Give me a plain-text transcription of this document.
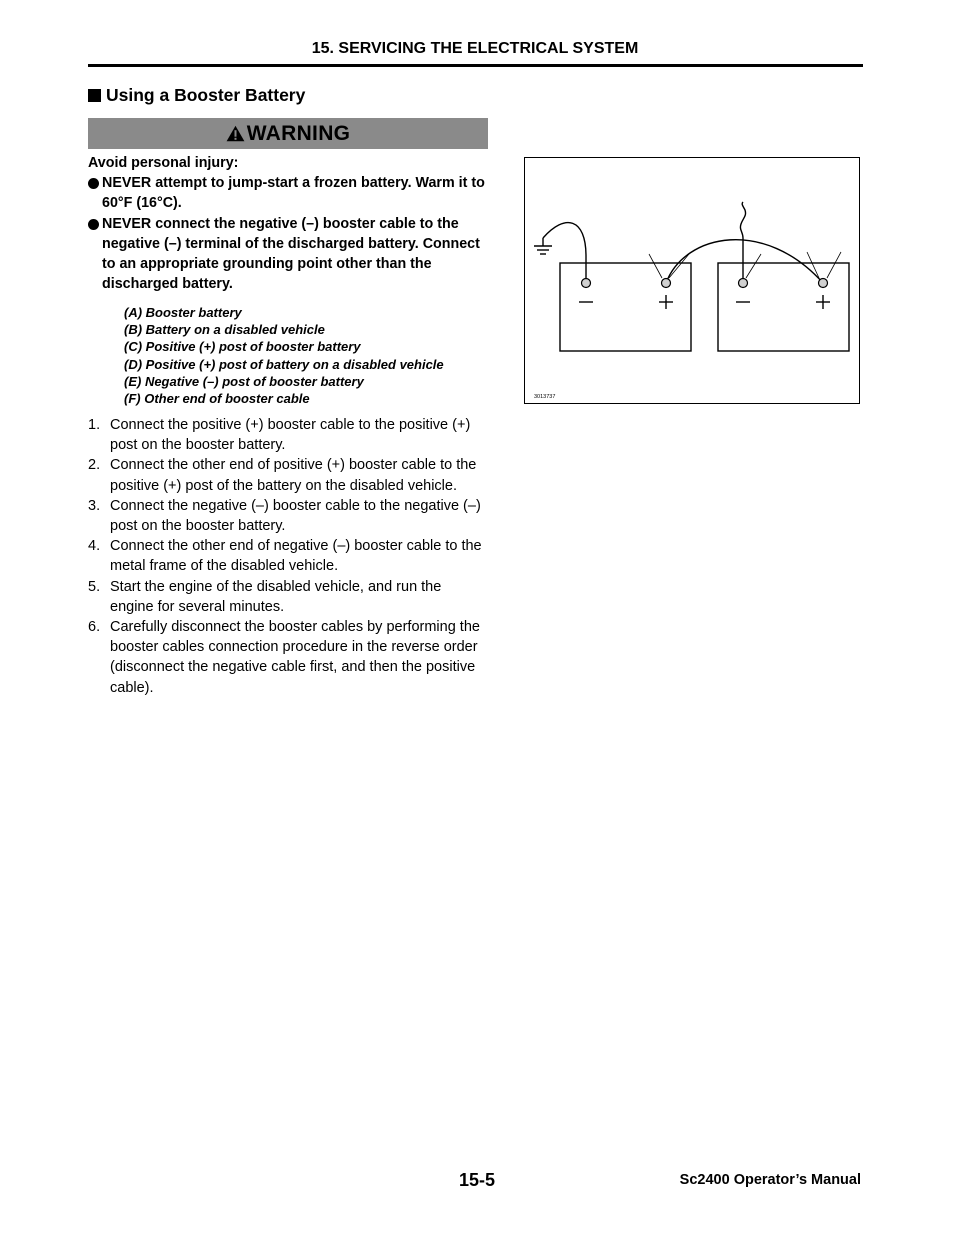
15. SERVICING THE ELECTRICAL SYSTEM
Using a Booster Battery
WARNING
Avoid personal injury:
NEVER attempt to jump-start a frozen battery. Warm it to 60°F (16°C).
NEVER connect the negative (–) booster cable to the negative (–) terminal of the discharged battery. Connect to an appropriate grounding point other than the discharged battery.
(A) Booster battery
(B) Battery on a disabled vehicle
(C) Positive (+) post of booster battery
(D) Positive (+) post of battery on a disabled vehicle
(E) Negative (–) post of booster battery
(F) Other end of booster cable
1. Connect the positive (+) booster cable to the positive (+) post on the booster battery.
2. Connect the other end of positive (+) booster cable to the positive (+) post of the battery on the disabled vehicle.
3. Connect the negative (–) booster cable to the negative (–) post on the booster battery.
4. Connect the other end of negative (–) booster cable to the metal frame of the disabled vehicle.
5. Start the engine of the disabled vehicle, and run the engine for several minutes.
6. Carefully disconnect the booster cables by performing the booster cables connection procedure in the reverse order (disconnect the negative cable first, and then the positive cable).
3013737
15-5	Sc2400 Operator’s Manual
